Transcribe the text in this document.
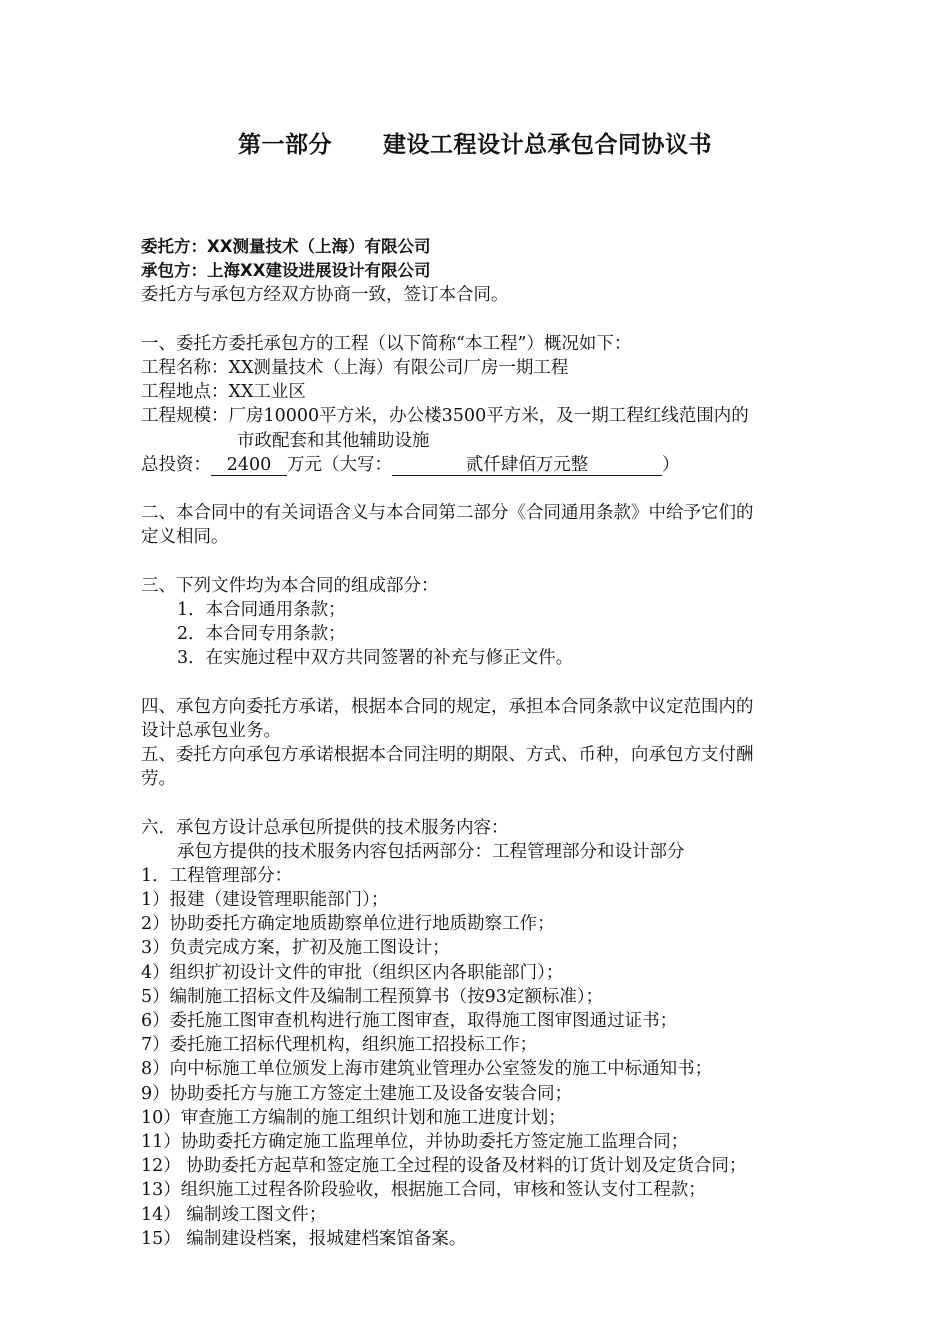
第一部分      建设工程设计总承包合同协议书
委托方：XX测量技术（上海）有限公司
承包方：上海XX建设进展设计有限公司
委托方与承包方经双方协商一致，签订本合同。
一、委托方委托承包方的工程（以下简称“本工程”）概况如下：
工程名称：XX测量技术（上海）有限公司厂房一期工程
工程地点：XX工业区
工程规模：厂房10000平方米，办公楼3500平方米，及一期工程红线范围内的
市政配套和其他辅助设施
总投资： 2400 万元（大写：	贰仟肆佰万元整	）
二、本合同中的有关词语含义与本合同第二部分《合同通用条款》中给予它们的
定义相同。
三、下列文件均为本合同的组成部分：
1．本合同通用条款；
2．本合同专用条款；
3．在实施过程中双方共同签署的补充与修正文件。
四、承包方向委托方承诺，根据本合同的规定，承担本合同条款中议定范围内的
设计总承包业务。
五、委托方向承包方承诺根据本合同注明的期限、方式、币种，向承包方支付酬
劳。
六．承包方设计总承包所提供的技术服务内容：
承包方提供的技术服务内容包括两部分：工程管理部分和设计部分
1．工程管理部分：
1）报建（建设管理职能部门）；
2）协助委托方确定地质勘察单位进行地质勘察工作；
3）负责完成方案，扩初及施工图设计；
4）组织扩初设计文件的审批（组织区内各职能部门）；
5）编制施工招标文件及编制工程预算书（按93定额标准）；
6）委托施工图审查机构进行施工图审查，取得施工图审图通过证书；
7）委托施工招标代理机构，组织施工招投标工作；
8）向中标施工单位颁发上海市建筑业管理办公室签发的施工中标通知书；
9）协助委托方与施工方签定土建施工及设备安装合同；
10）审查施工方编制的施工组织计划和施工进度计划；
11）协助委托方确定施工监理单位，并协助委托方签定施工监理合同；
12） 协助委托方起草和签定施工全过程的设备及材料的订货计划及定货合同；
13）组织施工过程各阶段验收，根据施工合同，审核和签认支付工程款；
14） 编制竣工图文件；
15） 编制建设档案，报城建档案馆备案。
